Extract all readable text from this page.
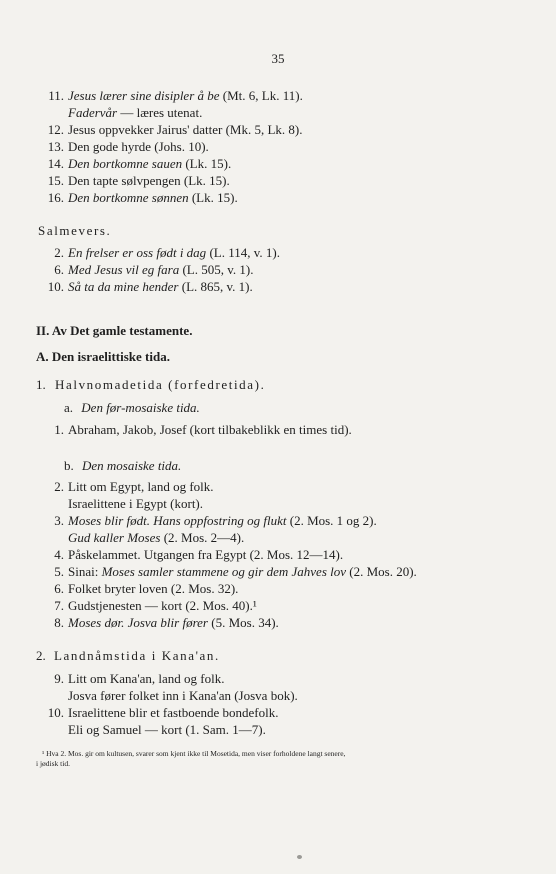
35
11. Jesus lærer sine disipler å be (Mt. 6, Lk. 11).
Fadervår — læres utenat.
12. Jesus oppvekker Jairus' datter (Mk. 5, Lk. 8).
13. Den gode hyrde (Johs. 10).
14. Den bortkomne sauen (Lk. 15).
15. Den tapte sølvpengen (Lk. 15).
16. Den bortkomne sønnen (Lk. 15).
Salmevers.
2. En frelser er oss født i dag (L. 114, v. 1).
6. Med Jesus vil eg fara (L. 505, v. 1).
10. Så ta da mine hender (L. 865, v. 1).
II. Av Det gamle testamente.
A. Den israelittiske tida.
1. Halvnomadetida (forfedretida).
a. Den før-mosaiske tida.
1. Abraham, Jakob, Josef (kort tilbakeblikk en times tid).
b. Den mosaiske tida.
2. Litt om Egypt, land og folk.
Israelittene i Egypt (kort).
3. Moses blir født. Hans oppfostring og flukt (2. Mos. 1 og 2).
Gud kaller Moses (2. Mos. 2—4).
4. Påskelammet. Utgangen fra Egypt (2. Mos. 12—14).
5. Sinai: Moses samler stammene og gir dem Jahves lov (2. Mos. 20).
6. Folket bryter loven (2. Mos. 32).
7. Gudstjenesten — kort (2. Mos. 40).¹
8. Moses dør. Josva blir fører (5. Mos. 34).
2. Landnåmstida i Kana'an.
9. Litt om Kana'an, land og folk.
Josva fører folket inn i Kana'an (Josva bok).
10. Israelittene blir et fastboende bondefolk.
Eli og Samuel — kort (1. Sam. 1—7).
¹ Hva 2. Mos. gir om kultusen, svarer som kjent ikke til Mosetida, men viser forholdene langt senere,
i jødisk tid.
